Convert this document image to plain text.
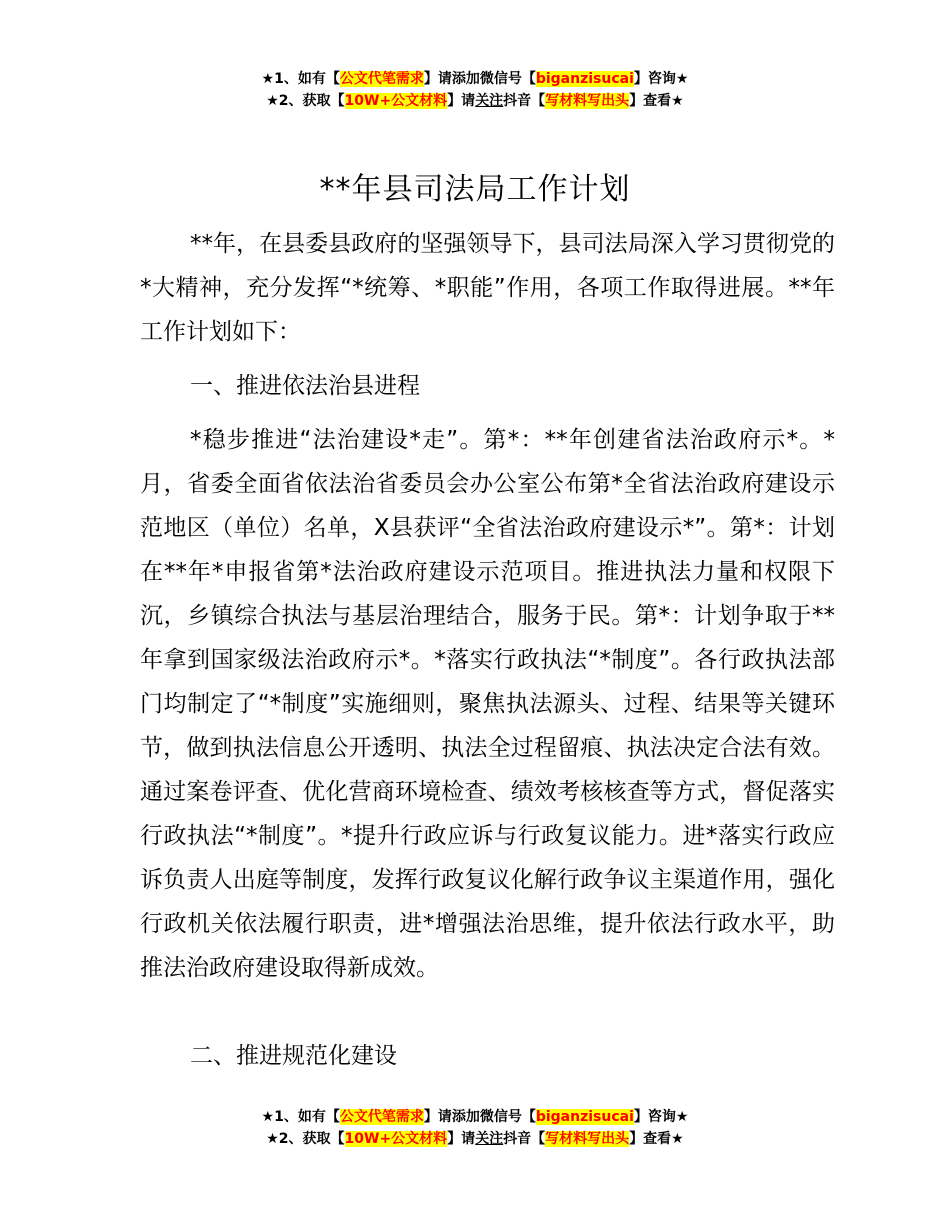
★1、如有【公文代笔需求】请添加微信号【biganzisucai】咨询★
★2、获取【10W+公文材料】请关注抖音【写材料写出头】查看★
**年县司法局工作计划
**年，在县委县政府的坚强领导下，县司法局深入学习贯彻党的*大精神，充分发挥“*统筹、*职能”作用，各项工作取得进展。**年工作计划如下：
一、推进依法治县进程
*稳步推进“法治建设*走”。第*：**年创建省法治政府示*。*月，省委全面省依法治省委员会办公室公布第*全省法治政府建设示范地区（单位）名单，X县获评“全省法治政府建设示*”。第*：计划在**年*申报省第*法治政府建设示范项目。推进执法力量和权限下沉，乡镇综合执法与基层治理结合，服务于民。第*：计划争取于**年拿到国家级法治政府示*。*落实行政执法“*制度”。各行政执法部门均制定了“*制度”实施细则，聚焦执法源头、过程、结果等关键环节，做到执法信息公开透明、执法全过程留痕、执法决定合法有效。通过案卷评查、优化营商环境检查、绩效考核核查等方式，督促落实行政执法“*制度”。*提升行政应诉与行政复议能力。进*落实行政应诉负责人出庭等制度，发挥行政复议化解行政争议主渠道作用，强化行政机关依法履行职责，进*增强法治思维，提升依法行政水平，助推法治政府建设取得新成效。
二、推进规范化建设
★1、如有【公文代笔需求】请添加微信号【biganzisucai】咨询★
★2、获取【10W+公文材料】请关注抖音【写材料写出头】查看★
